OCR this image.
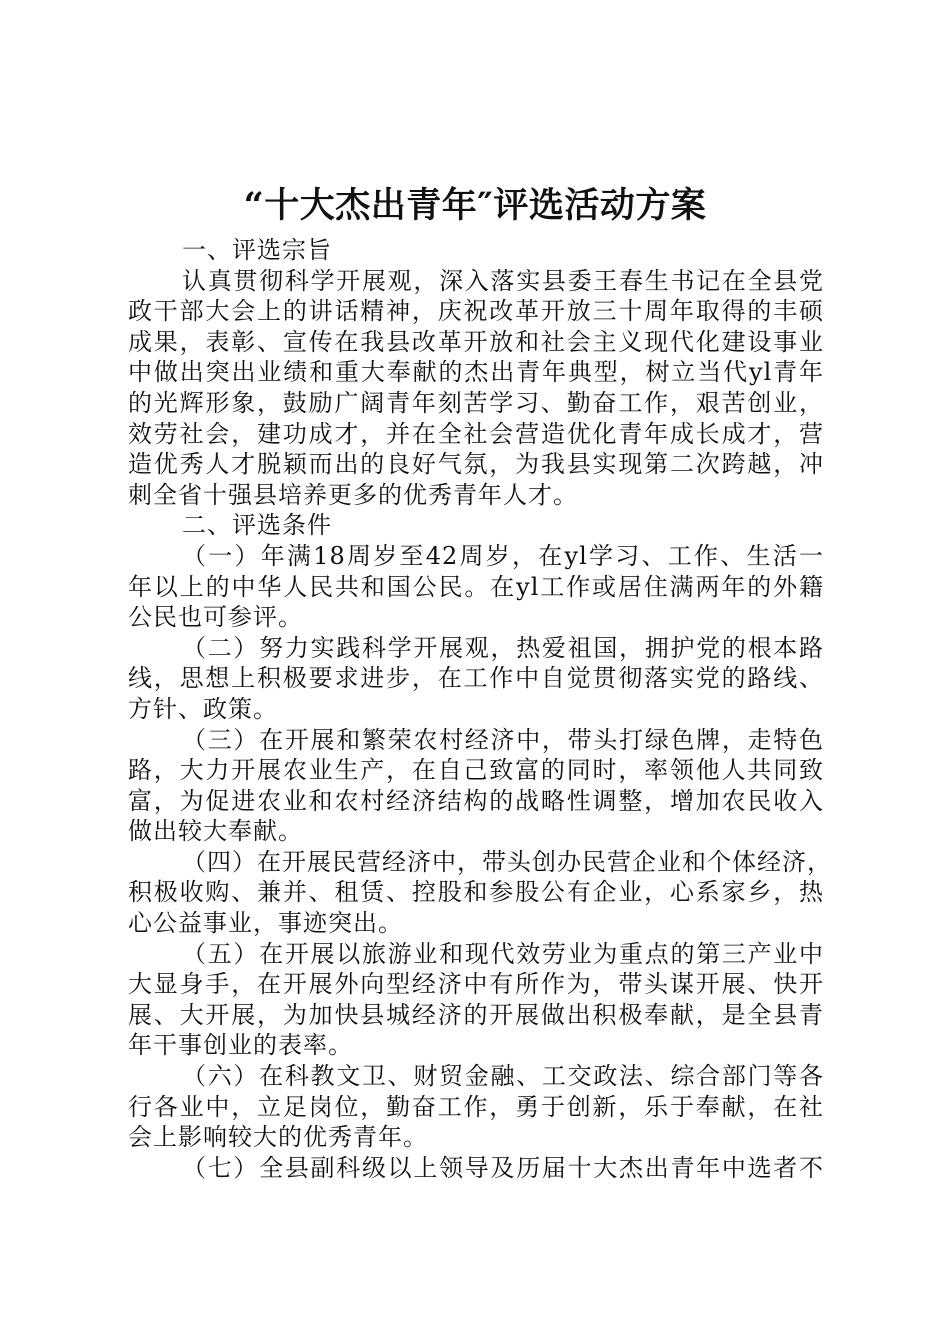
“十大杰出青年″评选活动方案
一、评选宗旨
认真贯彻科学开展观，深入落实县委王春生书记在全县党
政干部大会上的讲话精神，庆祝改革开放三十周年取得的丰硕
成果，表彰、宣传在我县改革开放和社会主义现代化建设事业
中做出突出业绩和重大奉献的杰出青年典型，树立当代yl青年
的光辉形象，鼓励广阔青年刻苦学习、勤奋工作，艰苦创业，
效劳社会，建功成才，并在全社会营造优化青年成长成才，营
造优秀人才脱颖而出的良好气氛，为我县实现第二次跨越，冲
刺全省十强县培养更多的优秀青年人才。
二、评选条件
（一）年满18周岁至42周岁，在yl学习、工作、生活一
年以上的中华人民共和国公民。在yl工作或居住满两年的外籍
公民也可参评。
（二）努力实践科学开展观，热爱祖国，拥护党的根本路
线，思想上积极要求进步，在工作中自觉贯彻落实党的路线、
方针、政策。
（三）在开展和繁荣农村经济中，带头打绿色牌，走特色
路，大力开展农业生产，在自己致富的同时，率领他人共同致
富，为促进农业和农村经济结构的战略性调整，增加农民收入
做出较大奉献。
（四）在开展民营经济中，带头创办民营企业和个体经济，
积极收购、兼并、租赁、控股和参股公有企业，心系家乡，热
心公益事业，事迹突出。
（五）在开展以旅游业和现代效劳业为重点的第三产业中
大显身手，在开展外向型经济中有所作为，带头谋开展、快开
展、大开展，为加快县城经济的开展做出积极奉献，是全县青
年干事创业的表率。
（六）在科教文卫、财贸金融、工交政法、综合部门等各
行各业中，立足岗位，勤奋工作，勇于创新，乐于奉献，在社
会上影响较大的优秀青年。
（七）全县副科级以上领导及历届十大杰出青年中选者不
